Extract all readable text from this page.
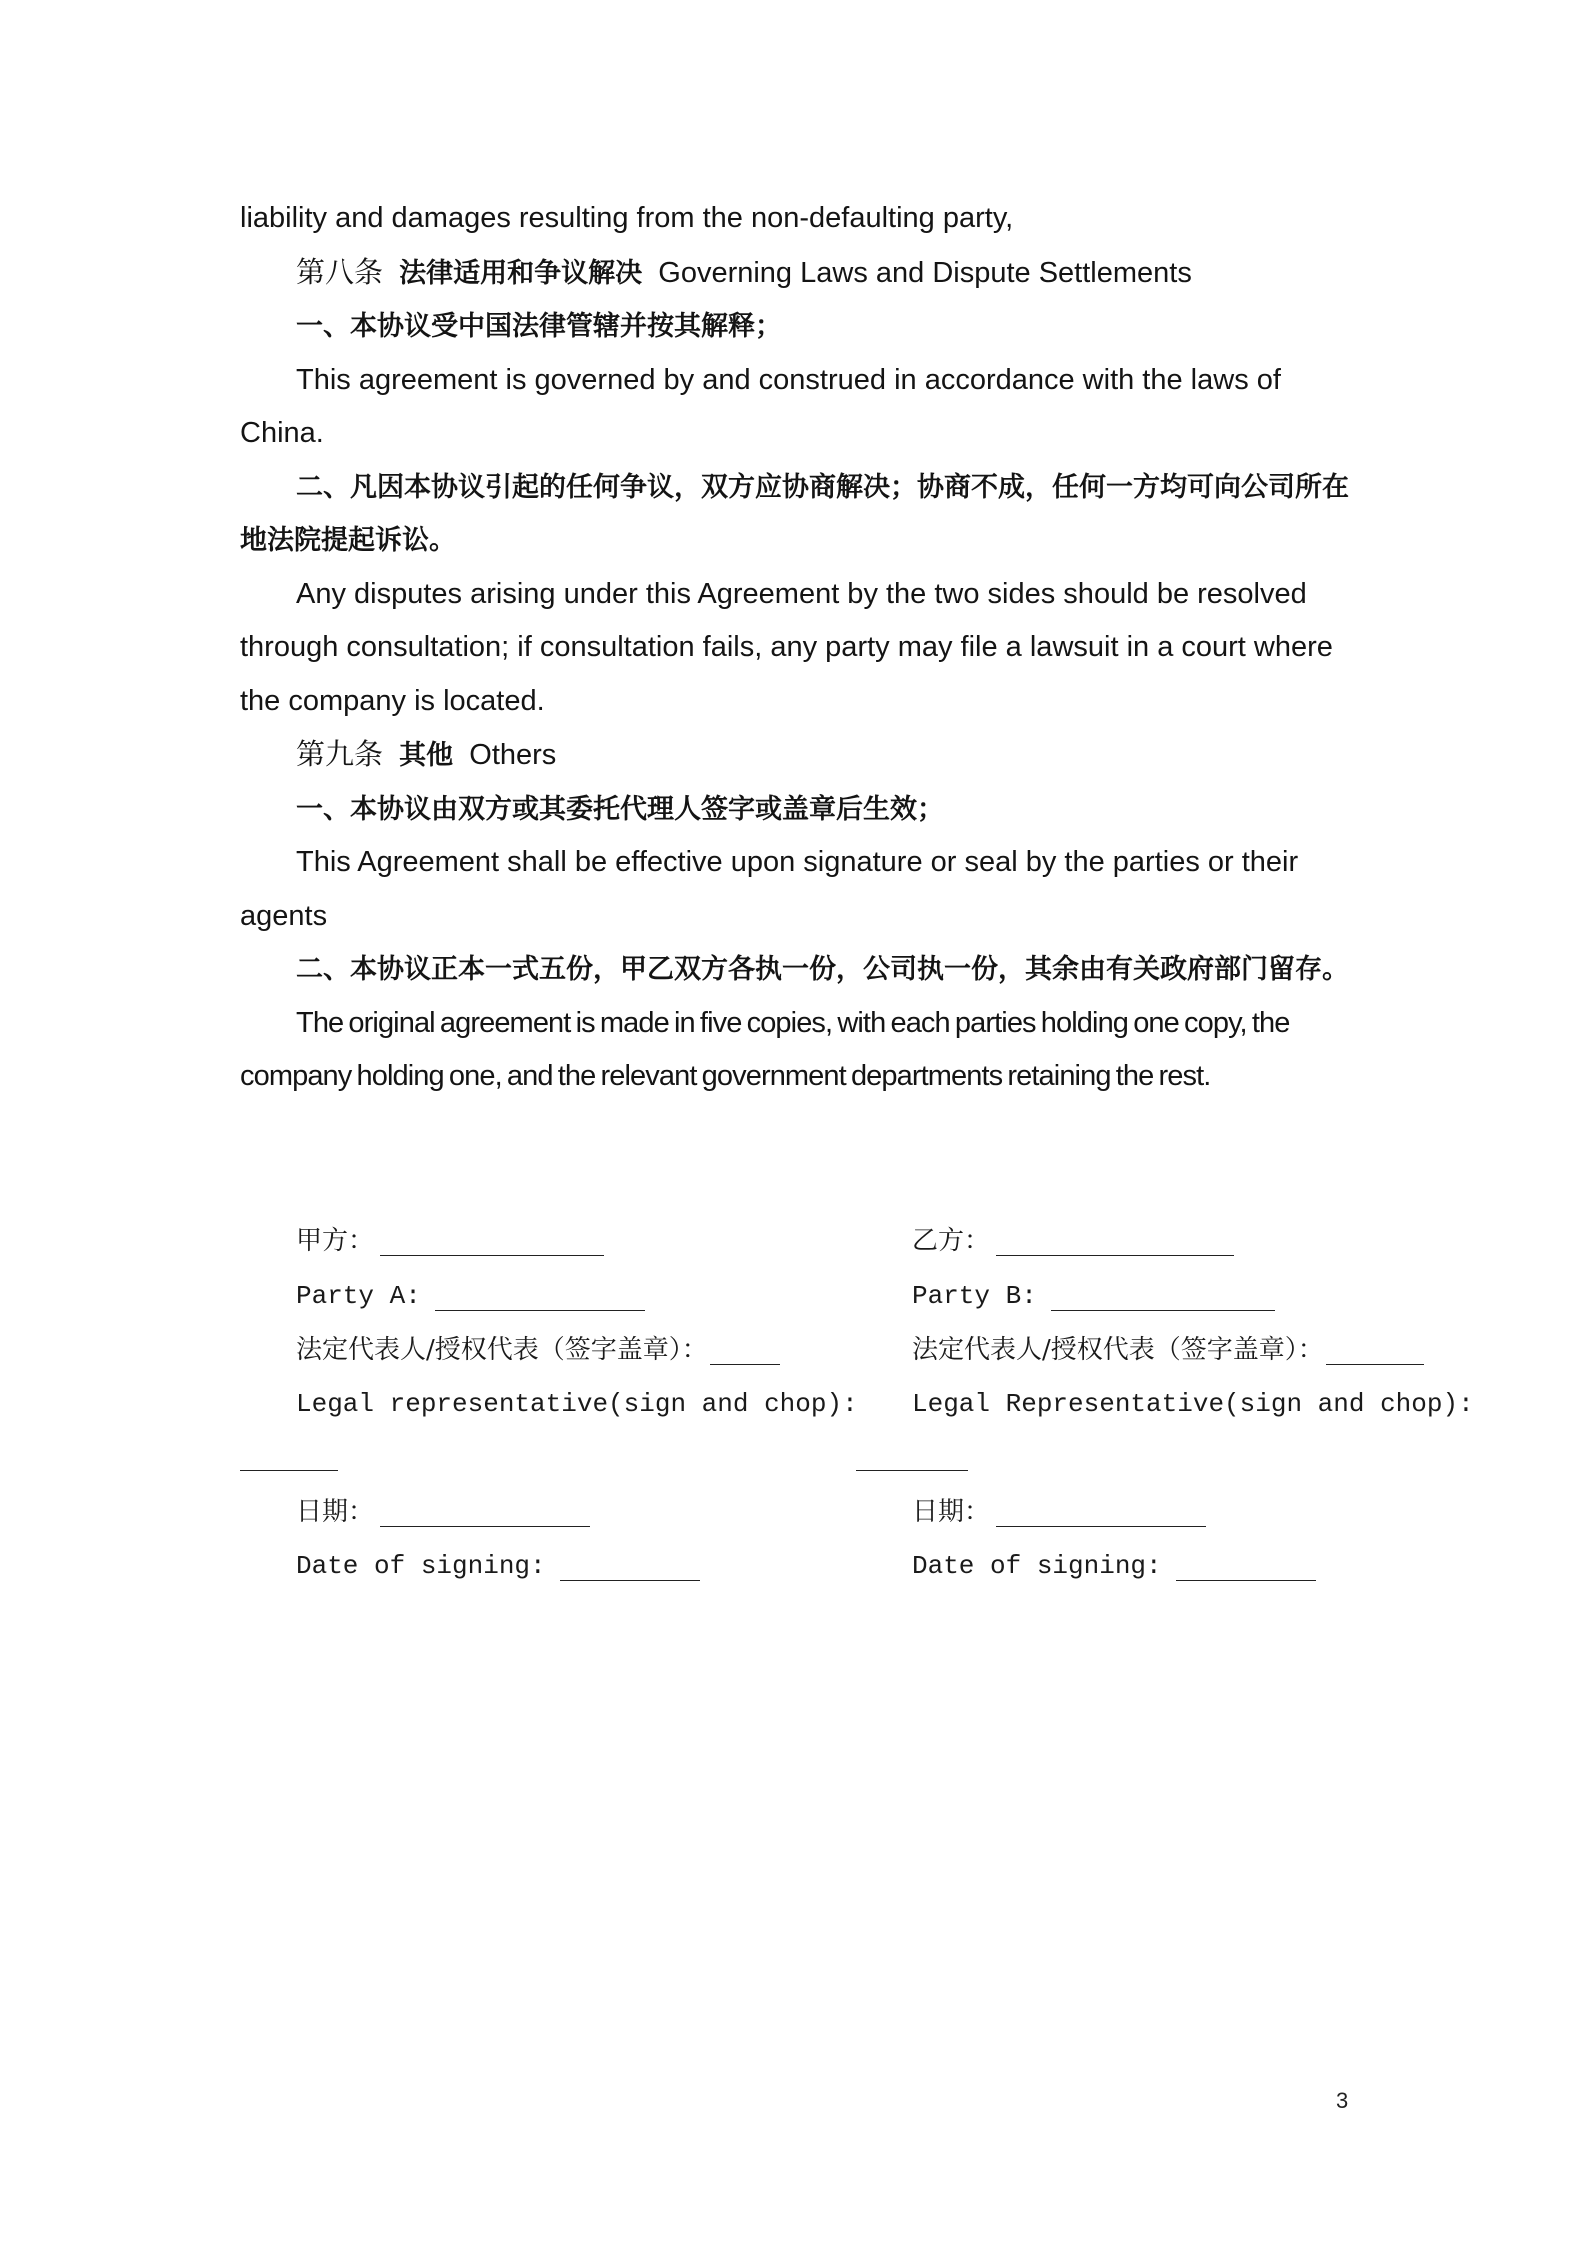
liability and damages resulting from the non-defaulting party,

第八条 法律适用和争议解决 Governing Laws and Dispute Settlements

一、本协议受中国法律管辖并按其解释；

This agreement is governed by and construed in accordance with the laws of China.

二、凡因本协议引起的任何争议，双方应协商解决；协商不成，任何一方均可向公司所在地法院提起诉讼。

Any disputes arising under this Agreement by the two sides should be resolved through consultation; if consultation fails, any party may file a lawsuit in a court where the company is located.

第九条 其他 Others

一、本协议由双方或其委托代理人签字或盖章后生效；

This Agreement shall be effective upon signature or seal by the parties or their agents

二、本协议正本一式五份，甲乙双方各执一份，公司执一份，其余由有关政府部门留存。

The original agreement is made in five copies, with each parties holding one copy, the company holding one, and the relevant government departments retaining the rest.

甲方：
Party A:
法定代表人/授权代表（签字盖章）：
Legal representative(sign and chop):
日期：
Date of signing:
乙方：
Party B:
法定代表人/授权代表（签字盖章）：
Legal Representative(sign and chop):
日期：
Date of signing:
3
